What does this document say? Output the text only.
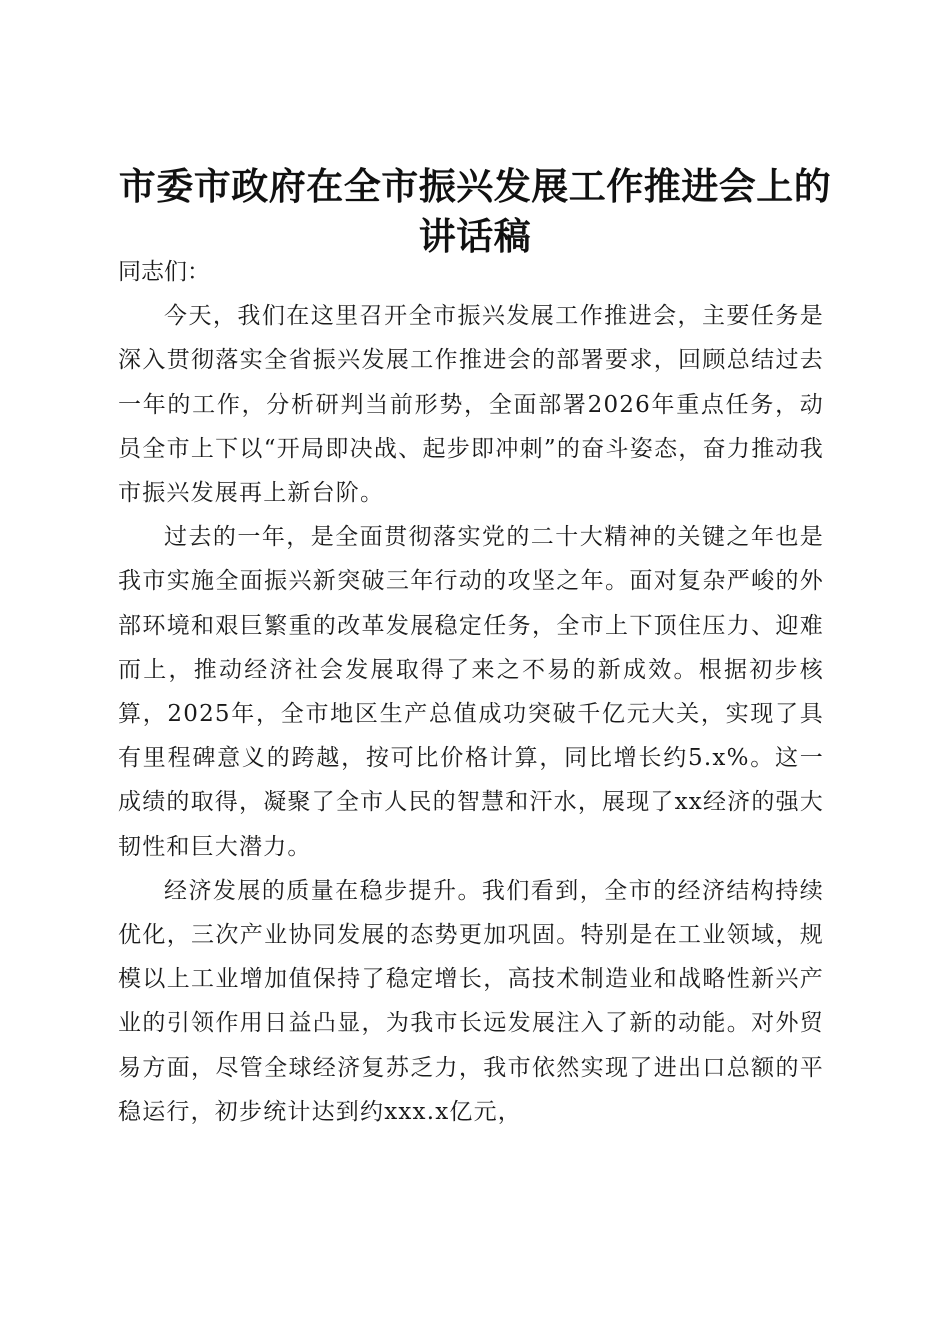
市委市政府在全市振兴发展工作推进会上的讲话稿

同志们：

今天，我们在这里召开全市振兴发展工作推进会，主要任务是深入贯彻落实全省振兴发展工作推进会的部署要求，回顾总结过去一年的工作，分析研判当前形势，全面部署2026年重点任务，动员全市上下以“开局即决战、起步即冲刺”的奋斗姿态，奋力推动我市振兴发展再上新台阶。

过去的一年，是全面贯彻落实党的二十大精神的关键之年也是我市实施全面振兴新突破三年行动的攻坚之年。面对复杂严峻的外部环境和艰巨繁重的改革发展稳定任务，全市上下顶住压力、迎难而上，推动经济社会发展取得了来之不易的新成效。根据初步核算，2025年，全市地区生产总值成功突破千亿元大关，实现了具有里程碑意义的跨越，按可比价格计算，同比增长约5.x%。这一成绩的取得，凝聚了全市人民的智慧和汗水，展现了xx经济的强大韧性和巨大潜力。

经济发展的质量在稳步提升。我们看到，全市的经济结构持续优化，三次产业协同发展的态势更加巩固。特别是在工业领域，规模以上工业增加值保持了稳定增长，高技术制造业和战略性新兴产业的引领作用日益凸显，为我市长远发展注入了新的动能。对外贸易方面，尽管全球经济复苏乏力，我市依然实现了进出口总额的平稳运行，初步统计达到约xxx.x亿元，
